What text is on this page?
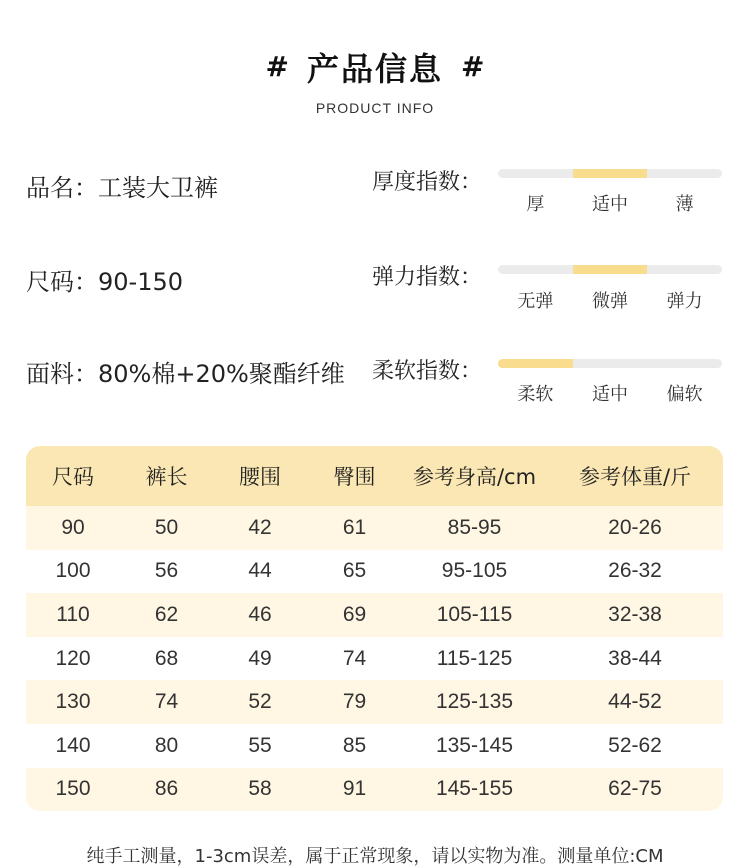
# 产品信息 #
PRODUCT INFO
品名：工装大卫裤
尺码：90-150
面料：80%棉+20%聚酯纤维
厚度指数：
厚	适中	薄
弹力指数：
无弹	微弹	弹力
柔软指数：
柔软	适中	偏软
尺码	裤长	腰围	臀围	参考身高/cm	参考体重/斤
90	50	42	61	85-95	20-26
100	56	44	65	95-105	26-32
110	62	46	69	105-115	32-38
120	68	49	74	115-125	38-44
130	74	52	79	125-135	44-52
140	80	55	85	135-145	52-62
150	86	58	91	145-155	62-75
纯手工测量，1-3cm误差，属于正常现象，请以实物为准。测量单位:CM
